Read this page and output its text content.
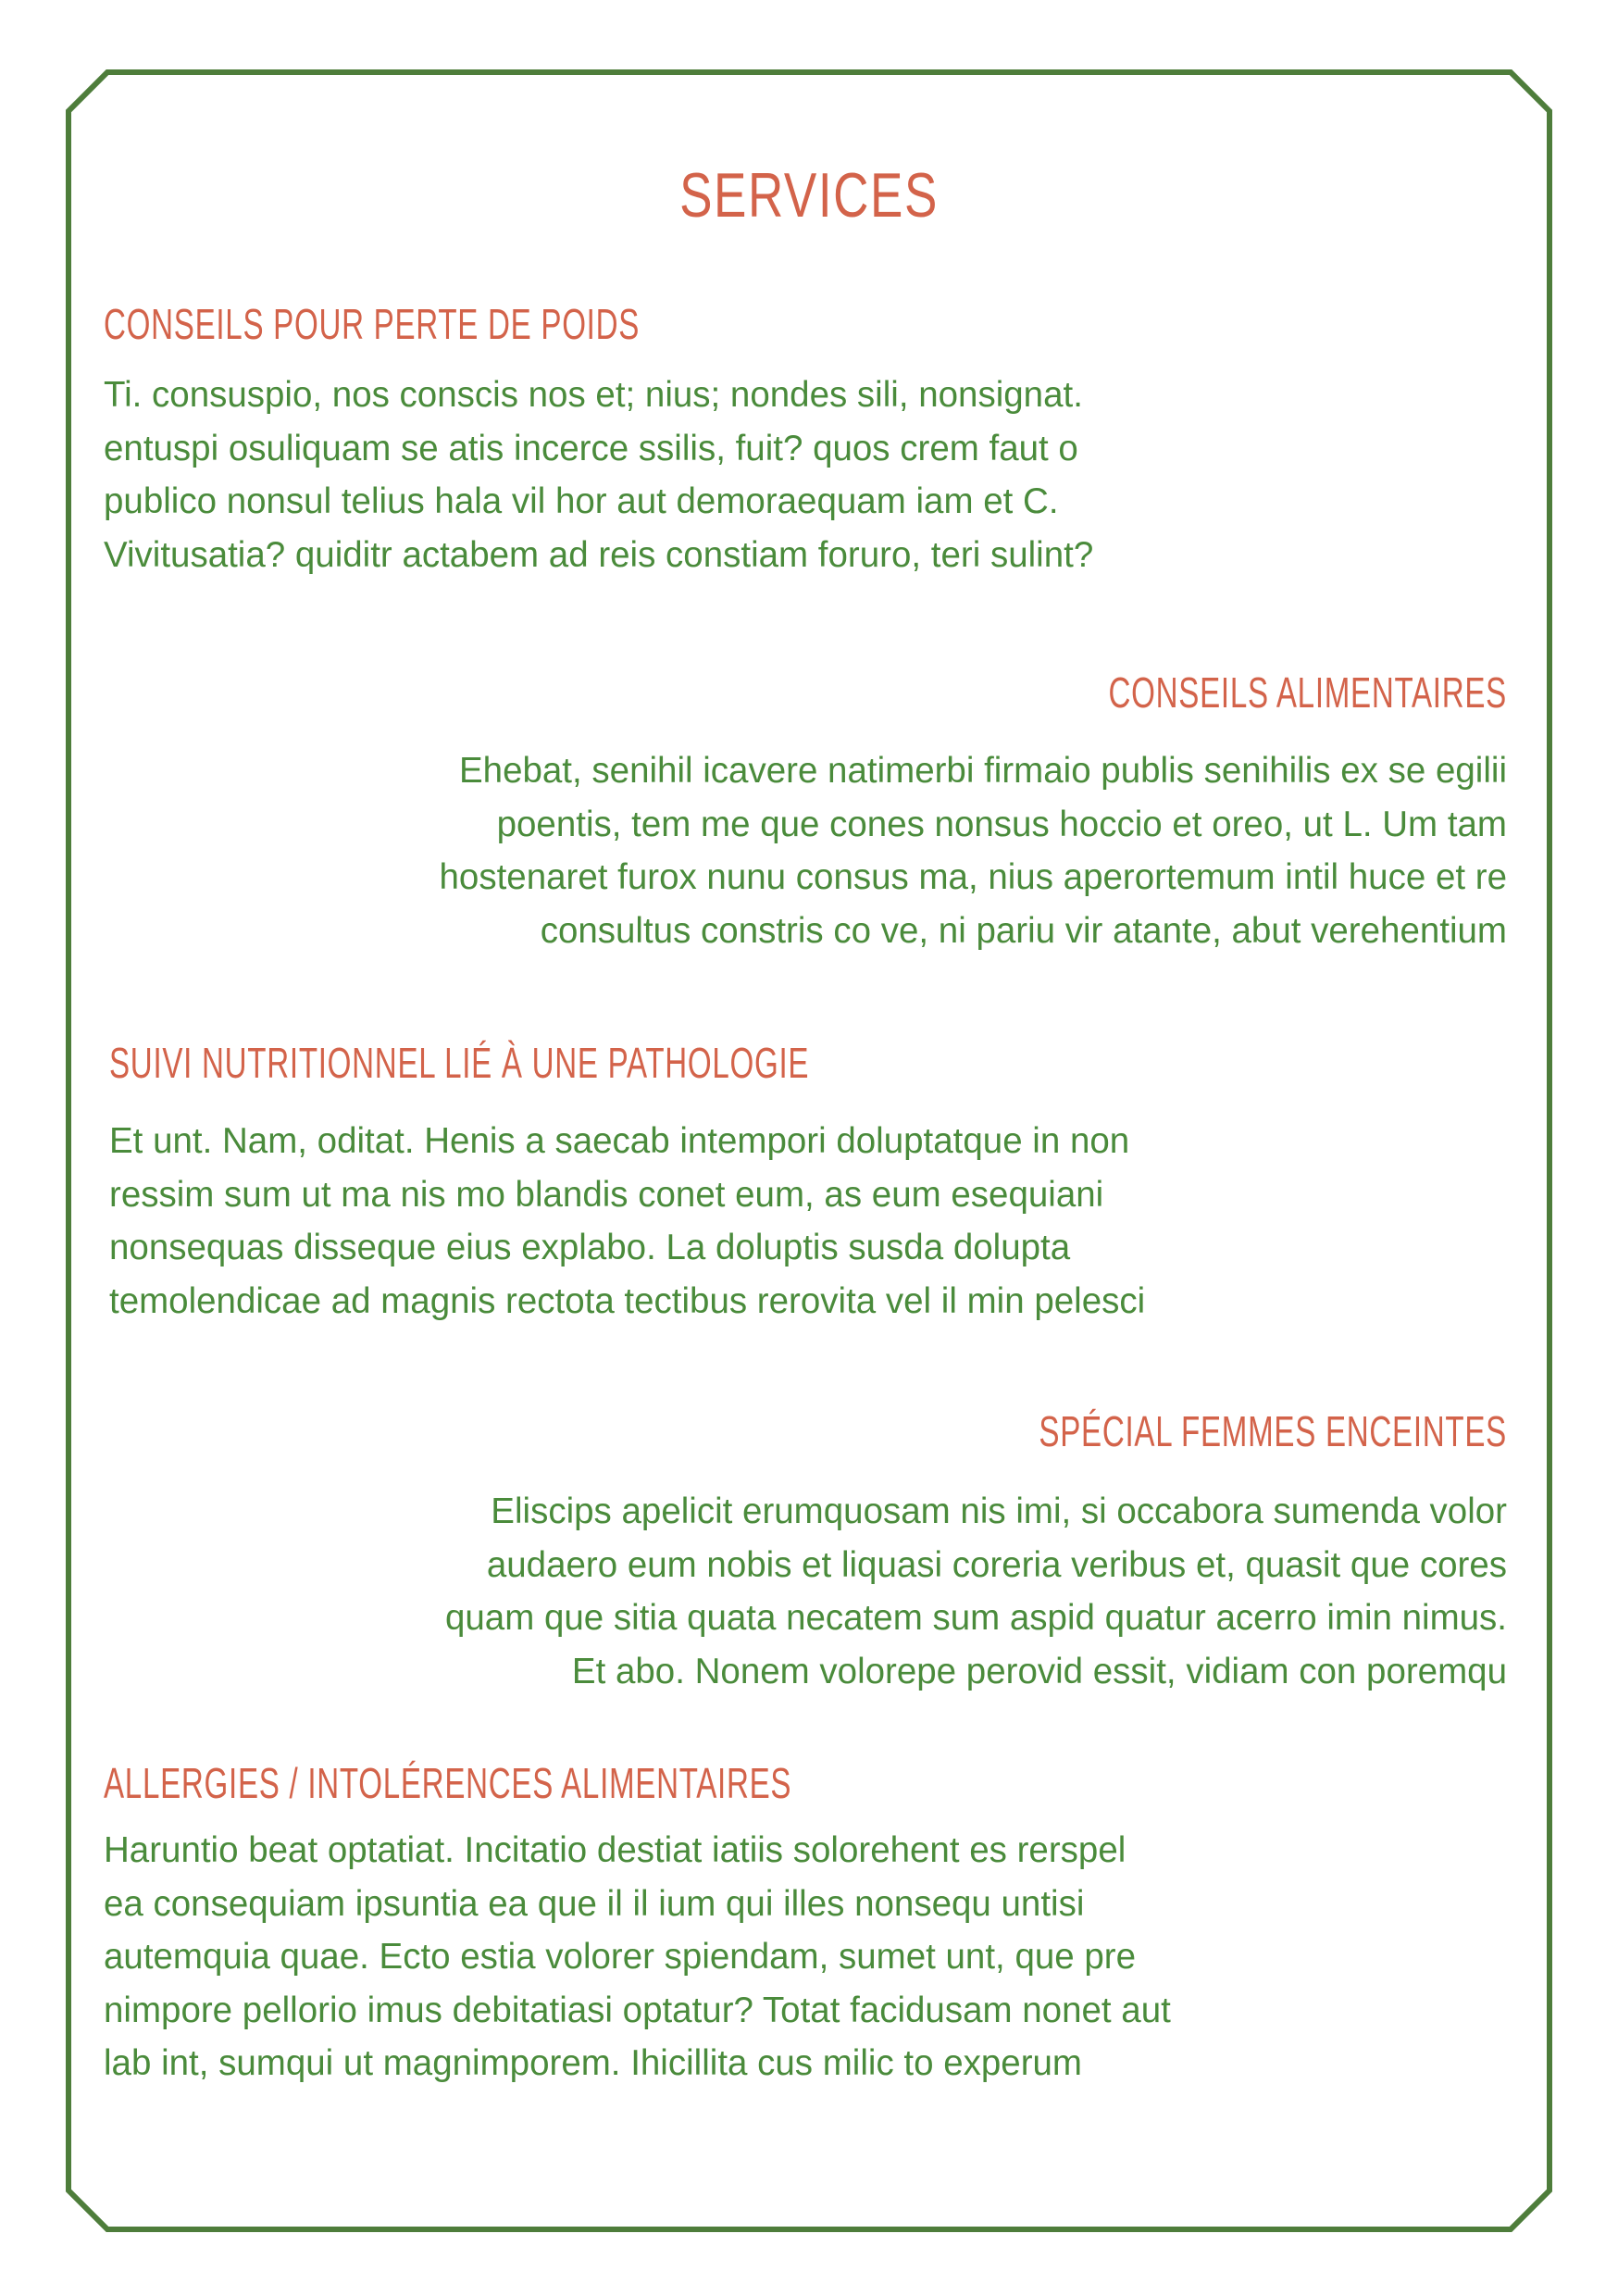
SERVICES
CONSEILS POUR PERTE DE POIDS

Ti. consuspio, nos conscis nos et; nius; nondes sili, nonsignat.
entuspi osuliquam se atis incerce ssilis, fuit? quos crem faut o
publico nonsul telius hala vil hor aut demoraequam iam et C.
Vivitusatia? quiditr actabem ad reis constiam foruro, teri sulint?

CONSEILS ALIMENTAIRES

Ehebat, senihil icavere natimerbi firmaio publis senihilis ex se egilii
poentis, tem me que cones nonsus hoccio et oreo, ut L. Um tam
hostenaret furox nunu consus ma, nius aperortemum intil huce et re
consultus constris co ve, ni pariu vir atante, abut verehentium

SUIVI NUTRITIONNEL LIÉ À UNE PATHOLOGIE

Et unt. Nam, oditat. Henis a saecab intempori doluptatque in non
ressim sum ut ma nis mo blandis conet eum, as eum esequiani
nonsequas disseque eius explabo. La doluptis susda dolupta
temolendicae ad magnis rectota tectibus rerovita vel il min pelesci

SPÉCIAL FEMMES ENCEINTES

Eliscips apelicit erumquosam nis imi, si occabora sumenda volor
audaero eum nobis et liquasi coreria veribus et, quasit que cores
quam que sitia quata necatem sum aspid quatur acerro imin nimus.
Et abo. Nonem volorepe perovid essit, vidiam con poremqu

ALLERGIES / INTOLÉRENCES ALIMENTAIRES

Haruntio beat optatiat. Incitatio destiat iatiis solorehent es rerspel
ea consequiam ipsuntia ea que il il ium qui illes nonsequ untisi
autemquia quae. Ecto estia volorer spiendam, sumet unt, que pre
nimpore pellorio imus debitatiasi optatur? Totat facidusam nonet aut
lab int, sumqui ut magnimporem. Ihicillita cus milic to experum
